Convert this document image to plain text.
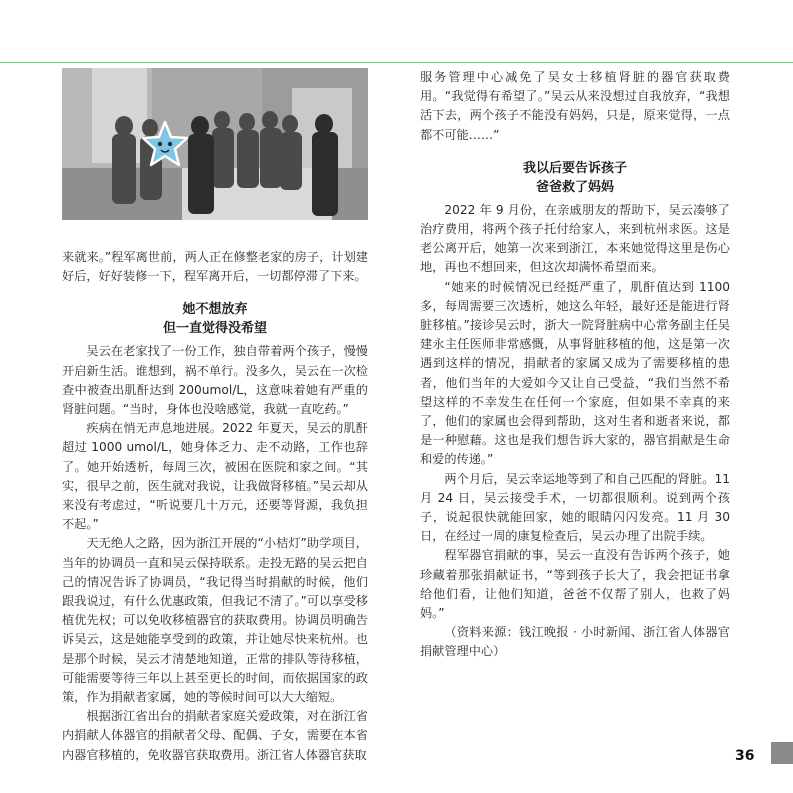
来就来。”程军离世前，两人正在修整老家的房子，计划建好后，好好装修一下，程军离开后，一切都停滞了下来。

她不想放弃
但一直觉得没希望

吴云在老家找了一份工作，独自带着两个孩子，慢慢开启新生活。谁想到，祸不单行。没多久，吴云在一次检查中被查出肌酐达到 200umol/L，这意味着她有严重的肾脏问题。“当时，身体也没啥感觉，我就一直吃药。”

疾病在悄无声息地进展。2022 年夏天，吴云的肌酐超过 1000 umol/L，她身体乏力、走不动路，工作也辞了。她开始透析，每周三次，被困在医院和家之间。“其实，很早之前，医生就对我说，让我做肾移植。”吴云却从来没有考虑过，“听说要几十万元，还要等肾源，我负担不起。”

天无绝人之路，因为浙江开展的“小桔灯”助学项目，当年的协调员一直和吴云保持联系。走投无路的吴云把自己的情况告诉了协调员，“我记得当时捐献的时候，他们跟我说过，有什么优惠政策，但我记不清了。”可以享受移植优先权；可以免收移植器官的获取费用。协调员明确告诉吴云，这是她能享受到的政策，并让她尽快来杭州。也是那个时候，吴云才清楚地知道，正常的排队等待移植，可能需要等待三年以上甚至更长的时间，而依据国家的政策，作为捐献者家属，她的等候时间可以大大缩短。

根据浙江省出台的捐献者家庭关爱政策，对在浙江省内捐献人体器官的捐献者父母、配偶、子女，需要在本省内器官移植的，免收器官获取费用。浙江省人体器官获取

服务管理中心减免了吴女士移植肾脏的器官获取费用。“我觉得有希望了。”吴云从来没想过自我放弃，“我想活下去，两个孩子不能没有妈妈，只是，原来觉得，一点都不可能……”

我以后要告诉孩子
爸爸救了妈妈

2022 年 9 月份，在亲戚朋友的帮助下，吴云凑够了治疗费用，将两个孩子托付给家人，来到杭州求医。这是老公离开后，她第一次来到浙江，本来她觉得这里是伤心地，再也不想回来，但这次却满怀希望而来。

“她来的时候情况已经挺严重了，肌酐值达到 1100 多，每周需要三次透析，她这么年轻，最好还是能进行肾脏移植。”接诊吴云时，浙大一院肾脏病中心常务副主任吴建永主任医师非常感慨，从事肾脏移植的他，这是第一次遇到这样的情况，捐献者的家属又成为了需要移植的患者，他们当年的大爱如今又让自己受益，“我们当然不希望这样的不幸发生在任何一个家庭，但如果不幸真的来了，他们的家属也会得到帮助，这对生者和逝者来说，都是一种慰藉。这也是我们想告诉大家的，器官捐献是生命和爱的传递。”

两个月后，吴云幸运地等到了和自己匹配的肾脏。11 月 24 日，吴云接受手术，一切都很顺利。说到两个孩子，说起很快就能回家，她的眼睛闪闪发亮。11 月 30 日，在经过一周的康复检查后，吴云办理了出院手续。

程军器官捐献的事，吴云一直没有告诉两个孩子，她珍藏着那张捐献证书，“等到孩子长大了，我会把证书拿给他们看，让他们知道，爸爸不仅帮了别人，也救了妈妈。”

（资料来源：钱江晚报 · 小时新闻、浙江省人体器官捐献管理中心）

36
